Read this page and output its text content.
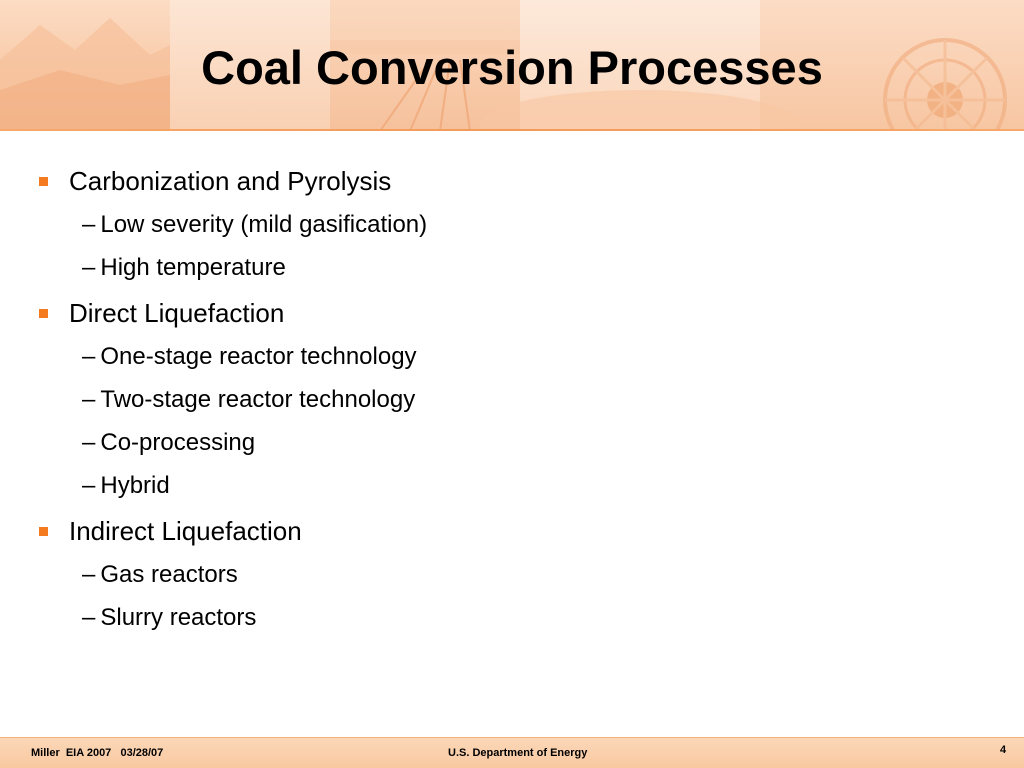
Coal Conversion Processes
Carbonization and Pyrolysis
– Low severity (mild gasification)
– High temperature
Direct Liquefaction
– One-stage reactor technology
– Two-stage reactor technology
– Co-processing
– Hybrid
Indirect Liquefaction
– Gas reactors
– Slurry reactors
Miller  EIA 2007   03/28/07	U.S. Department of Energy	4
